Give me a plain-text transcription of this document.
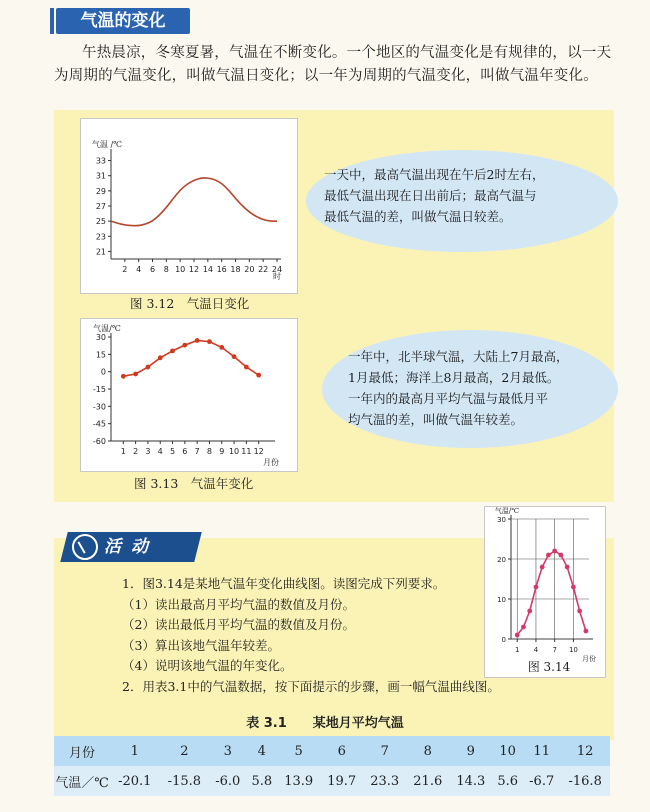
气温的变化
午热晨凉，冬寒夏暑，气温在不断变化。一个地区的气温变化是有规律的，以一天为周期的气温变化，叫做气温日变化；以一年为周期的气温变化，叫做气温年变化。
气温 /℃
21
23
25
27
29
31
33
2 4 6 8 10 12 14 16 18 20 22 24
时
图 3.12　气温日变化

一天中，最高气温出现在午后2时左右，

最低气温出现在日出前后；最高气温与

最低气温的差，叫做气温日较差。

气温/℃
30
15
0
-15
-30
-45
-60
1 2 3 4 5 6 7 8 9 10 11 12
月份
图 3.13　气温年变化

一年中，北半球气温，大陆上7月最高，

1月最低；海洋上8月最高，2月最低。

一年内的最高月平均气温与最低月平

均气温的差，叫做气温年较差。

活动
1．图3.14是某地气温年变化曲线图。读图完成下列要求。
（1）读出最高月平均气温的数值及月份。
（2）读出最低月平均气温的数值及月份。
（3）算出该地气温年较差。
（4）说明该地气温的年变化。
2．用表3.1中的气温数据，按下面提示的步骤，画一幅气温曲线图。
气温/℃
0
10
20
30
1 4 7 10
月份
图 3.14
表 3.1　　某地月平均气温
月份	1	2	3	4	5	6	7	8	9	10	11	12
气温／℃	-20.1	-15.8	-6.0	5.8	13.9	19.7	23.3	21.6	14.3	5.6	-6.7	-16.8
